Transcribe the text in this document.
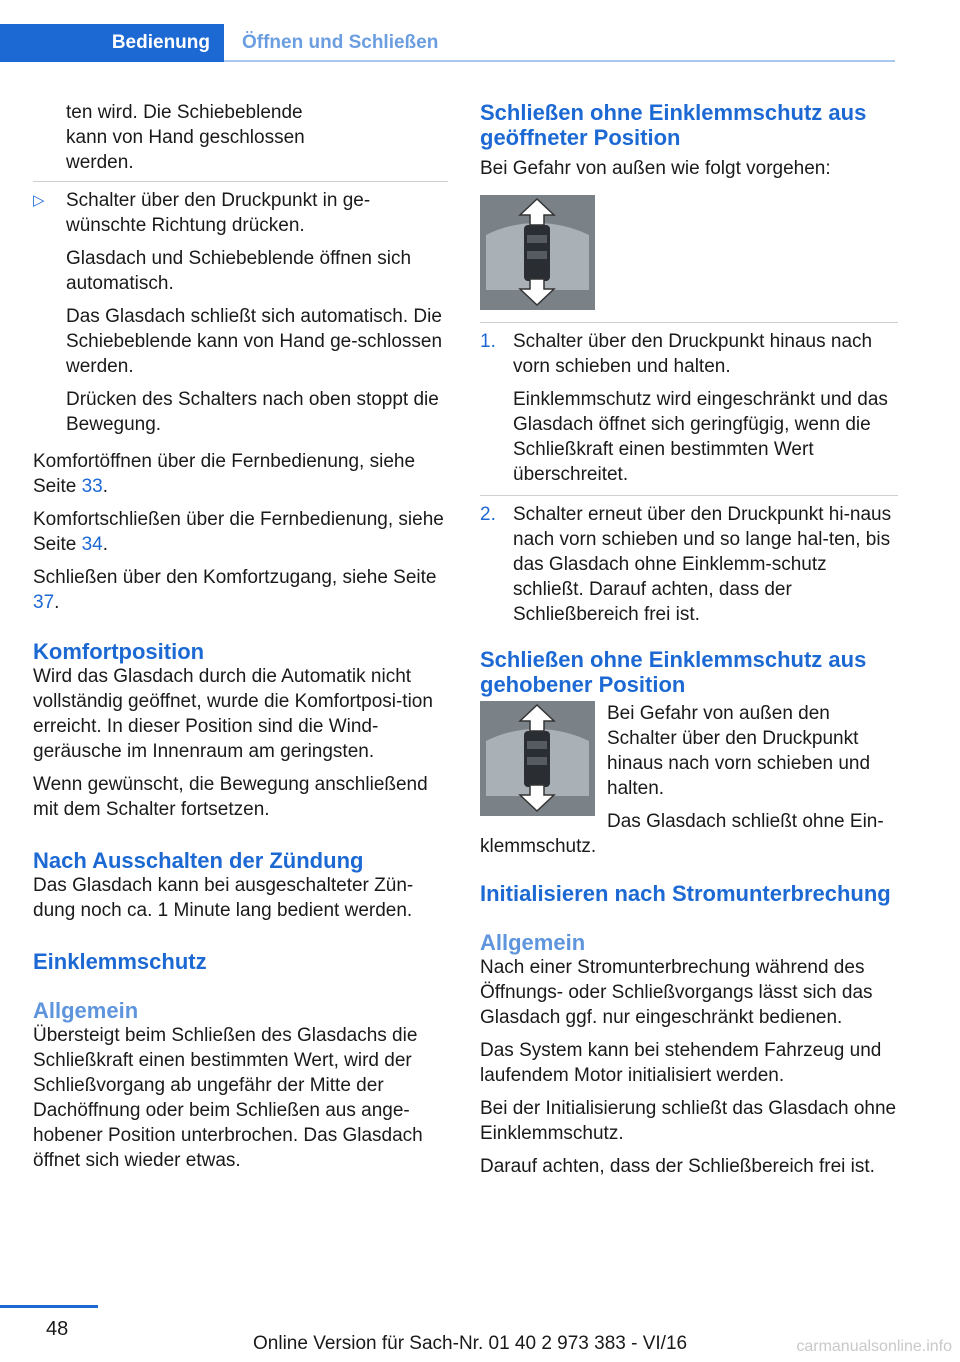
Bedienung	Öffnen und Schließen
ten wird. Die Schiebeblende
kann von Hand geschlossen
werden.
▷ Schalter über den Druckpunkt in ge‐wünschte Richtung drücken.

Glasdach und Schiebeblende öffnen sich automatisch.

Das Glasdach schließt sich automatisch. Die Schiebeblende kann von Hand ge‐schlossen werden.

Drücken des Schalters nach oben stoppt die Bewegung.

Komfortöffnen über die Fernbedienung, siehe Seite 33.

Komfortschließen über die Fernbedienung, siehe Seite 34.

Schließen über den Komfortzugang, siehe Seite 37.

Komfortposition

Wird das Glasdach durch die Automatik nicht vollständig geöffnet, wurde die Komfortposi‐tion erreicht. In dieser Position sind die Wind‐geräusche im Innenraum am geringsten.

Wenn gewünscht, die Bewegung anschließend mit dem Schalter fortsetzen.

Nach Ausschalten der Zündung

Das Glasdach kann bei ausgeschalteter Zün‐dung noch ca. 1 Minute lang bedient werden.

Einklemmschutz
Allgemein

Übersteigt beim Schließen des Glasdachs die Schließkraft einen bestimmten Wert, wird der Schließvorgang ab ungefähr der Mitte der Dachöffnung oder beim Schließen aus ange‐hobener Position unterbrochen. Das Glasdach öffnet sich wieder etwas.

Schließen ohne Einklemmschutz aus geöffneter Position

Bei Gefahr von außen wie folgt vorgehen:

1. Schalter über den Druckpunkt hinaus nach vorn schieben und halten.

Einklemmschutz wird eingeschränkt und das Glasdach öffnet sich geringfügig, wenn die Schließkraft einen bestimmten Wert überschreitet.

2. Schalter erneut über den Druckpunkt hi‐naus nach vorn schieben und so lange hal‐ten, bis das Glasdach ohne Einklemm‐schutz schließt. Darauf achten, dass der Schließbereich frei ist.

Schließen ohne Einklemmschutz aus gehobener Position

Bei Gefahr von außen den Schalter über den Druckpunkt hinaus nach vorn schieben und halten.

Das Glasdach schließt ohne Ein‐klemmschutz.

Initialisieren nach Stromunterbrechung
Allgemein

Nach einer Stromunterbrechung während des Öffnungs- oder Schließvorgangs lässt sich das Glasdach ggf. nur eingeschränkt bedienen.

Das System kann bei stehendem Fahrzeug und laufendem Motor initialisiert werden.

Bei der Initialisierung schließt das Glasdach ohne Einklemmschutz.

Darauf achten, dass der Schließbereich frei ist.

48
Online Version für Sach-Nr. 01 40 2 973 383 - VI/16	carmanualsonline.info
